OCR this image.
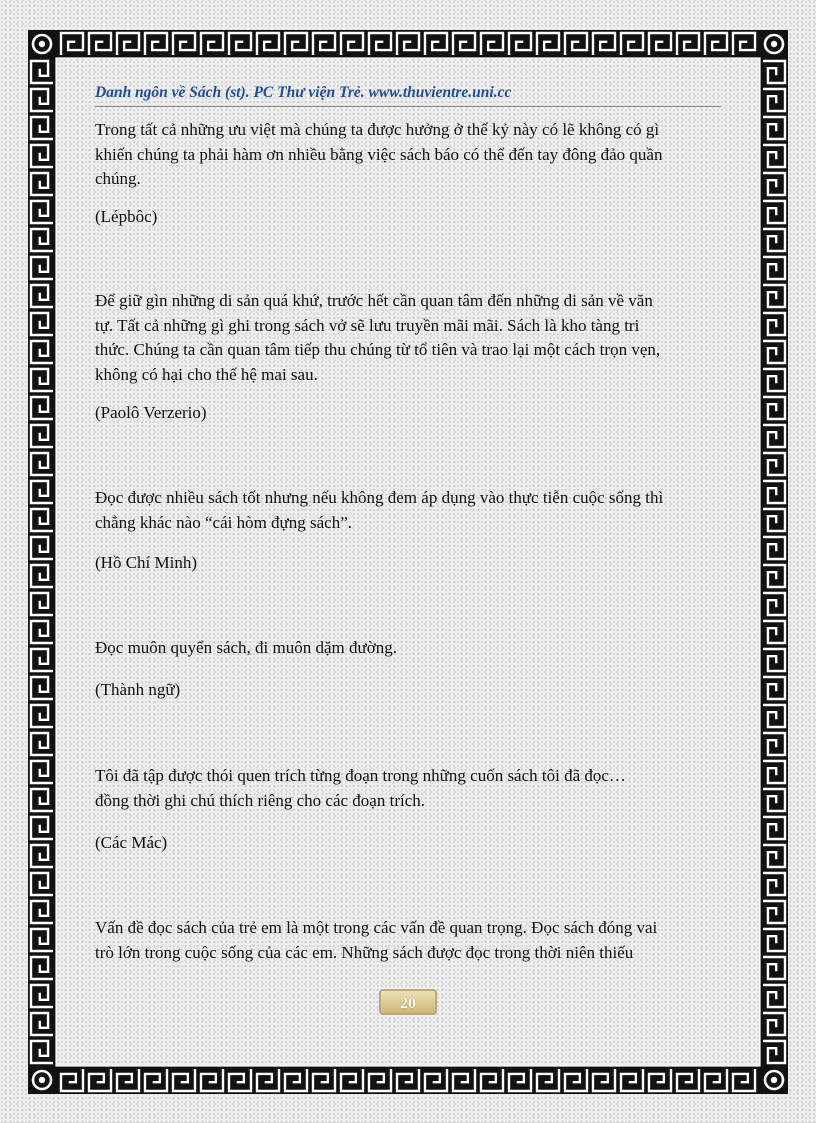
Danh ngôn về Sách (st). PC Thư viện Trẻ. www.thuvientre.uni.cc

Trong tất cả những ưu việt mà chúng ta được hưởng ở thế kỷ này có lẽ không có gì
khiến chúng ta phải hàm ơn nhiều bằng việc sách báo có thể đến tay đông đảo quần
chúng.

(Lépbôc)

Để giữ gìn những di sản quá khứ, trước hết cần quan tâm đến những di sản về văn
tự. Tất cả những gì ghi trong sách vở sẽ lưu truyền mãi mãi. Sách là kho tàng tri
thức. Chúng ta cần quan tâm tiếp thu chúng từ tổ tiên và trao lại một cách trọn vẹn,
không có hại cho thế hệ mai sau.

(Paolô Verzerio)

Đọc được nhiều sách tốt nhưng nếu không đem áp dụng vào thực tiễn cuộc sống thì
chẳng khác nào “cái hòm đựng sách”.

(Hồ Chí Minh)

Đọc muôn quyển sách, đi muôn dặm đường.

(Thành ngữ)

Tôi đã tập được thói quen trích từng đoạn trong những cuốn sách tôi đã đọc…
đồng thời ghi chú thích riêng cho các đoạn trích.

(Các Mác)

Vấn đề đọc sách của trẻ em là một trong các vấn đề quan trọng. Đọc sách đóng vai
trò lớn trong cuộc sống của các em. Những sách được đọc trong thời niên thiếu

20
